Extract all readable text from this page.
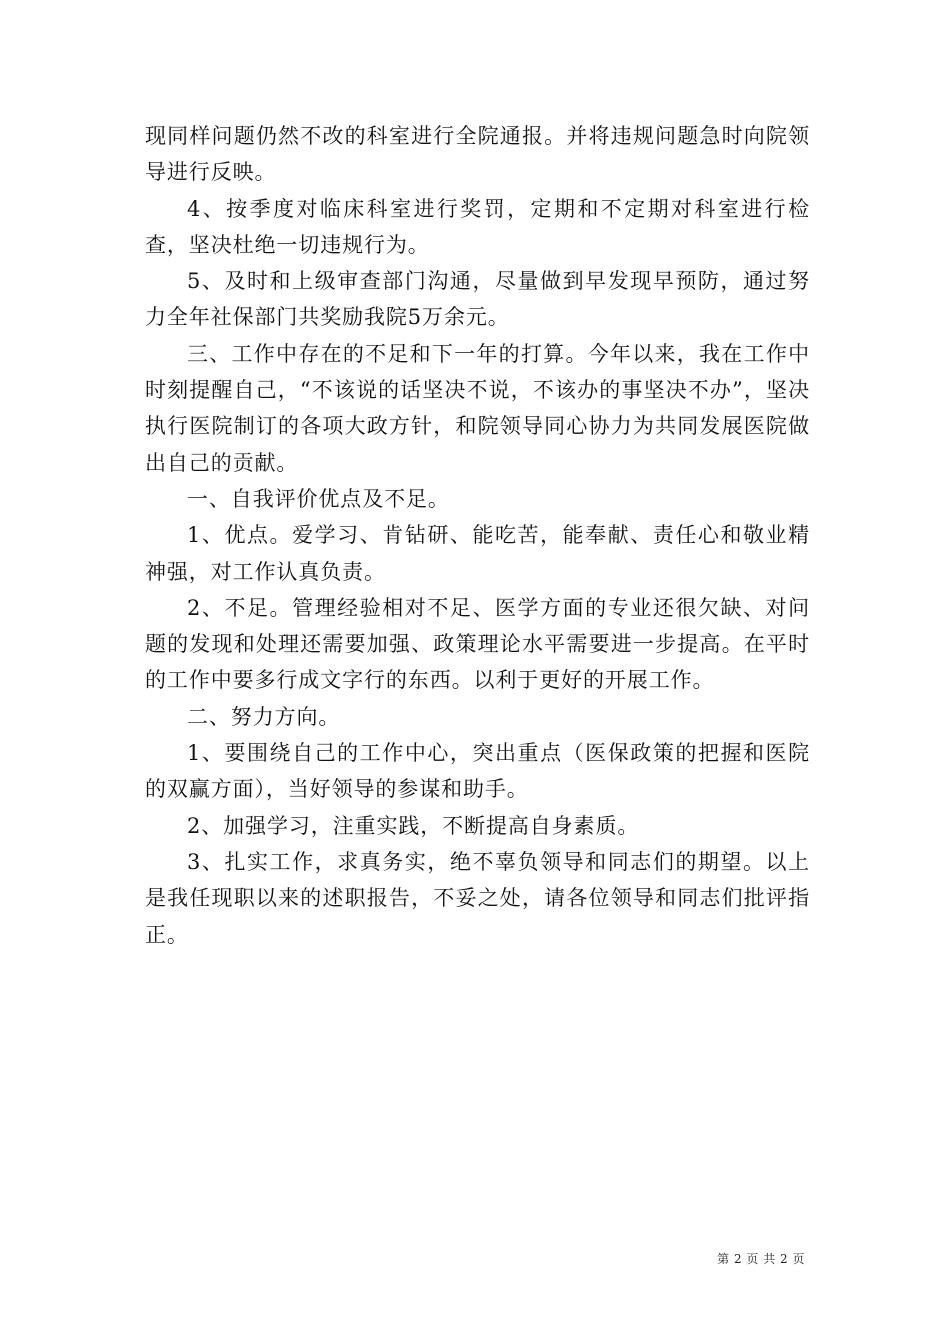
现同样问题仍然不改的科室进行全院通报。并将违规问题急时向院领导进行反映。

4、按季度对临床科室进行奖罚，定期和不定期对科室进行检查，坚决杜绝一切违规行为。

5、及时和上级审查部门沟通，尽量做到早发现早预防，通过努力全年社保部门共奖励我院5万余元。

三、工作中存在的不足和下一年的打算。今年以来，我在工作中时刻提醒自己，“不该说的话坚决不说，不该办的事坚决不办”，坚决执行医院制订的各项大政方针，和院领导同心协力为共同发展医院做出自己的贡献。

一、自我评价优点及不足。

1、优点。爱学习、肯钻研、能吃苦，能奉献、责任心和敬业精神强，对工作认真负责。

2、不足。管理经验相对不足、医学方面的专业还很欠缺、对问题的发现和处理还需要加强、政策理论水平需要进一步提高。在平时的工作中要多行成文字行的东西。以利于更好的开展工作。

二、努力方向。

1、要围绕自己的工作中心，突出重点（医保政策的把握和医院的双赢方面），当好领导的参谋和助手。

2、加强学习，注重实践，不断提高自身素质。

3、扎实工作，求真务实，绝不辜负领导和同志们的期望。以上是我任现职以来的述职报告，不妥之处，请各位领导和同志们批评指正。

第 2 页 共 2 页
